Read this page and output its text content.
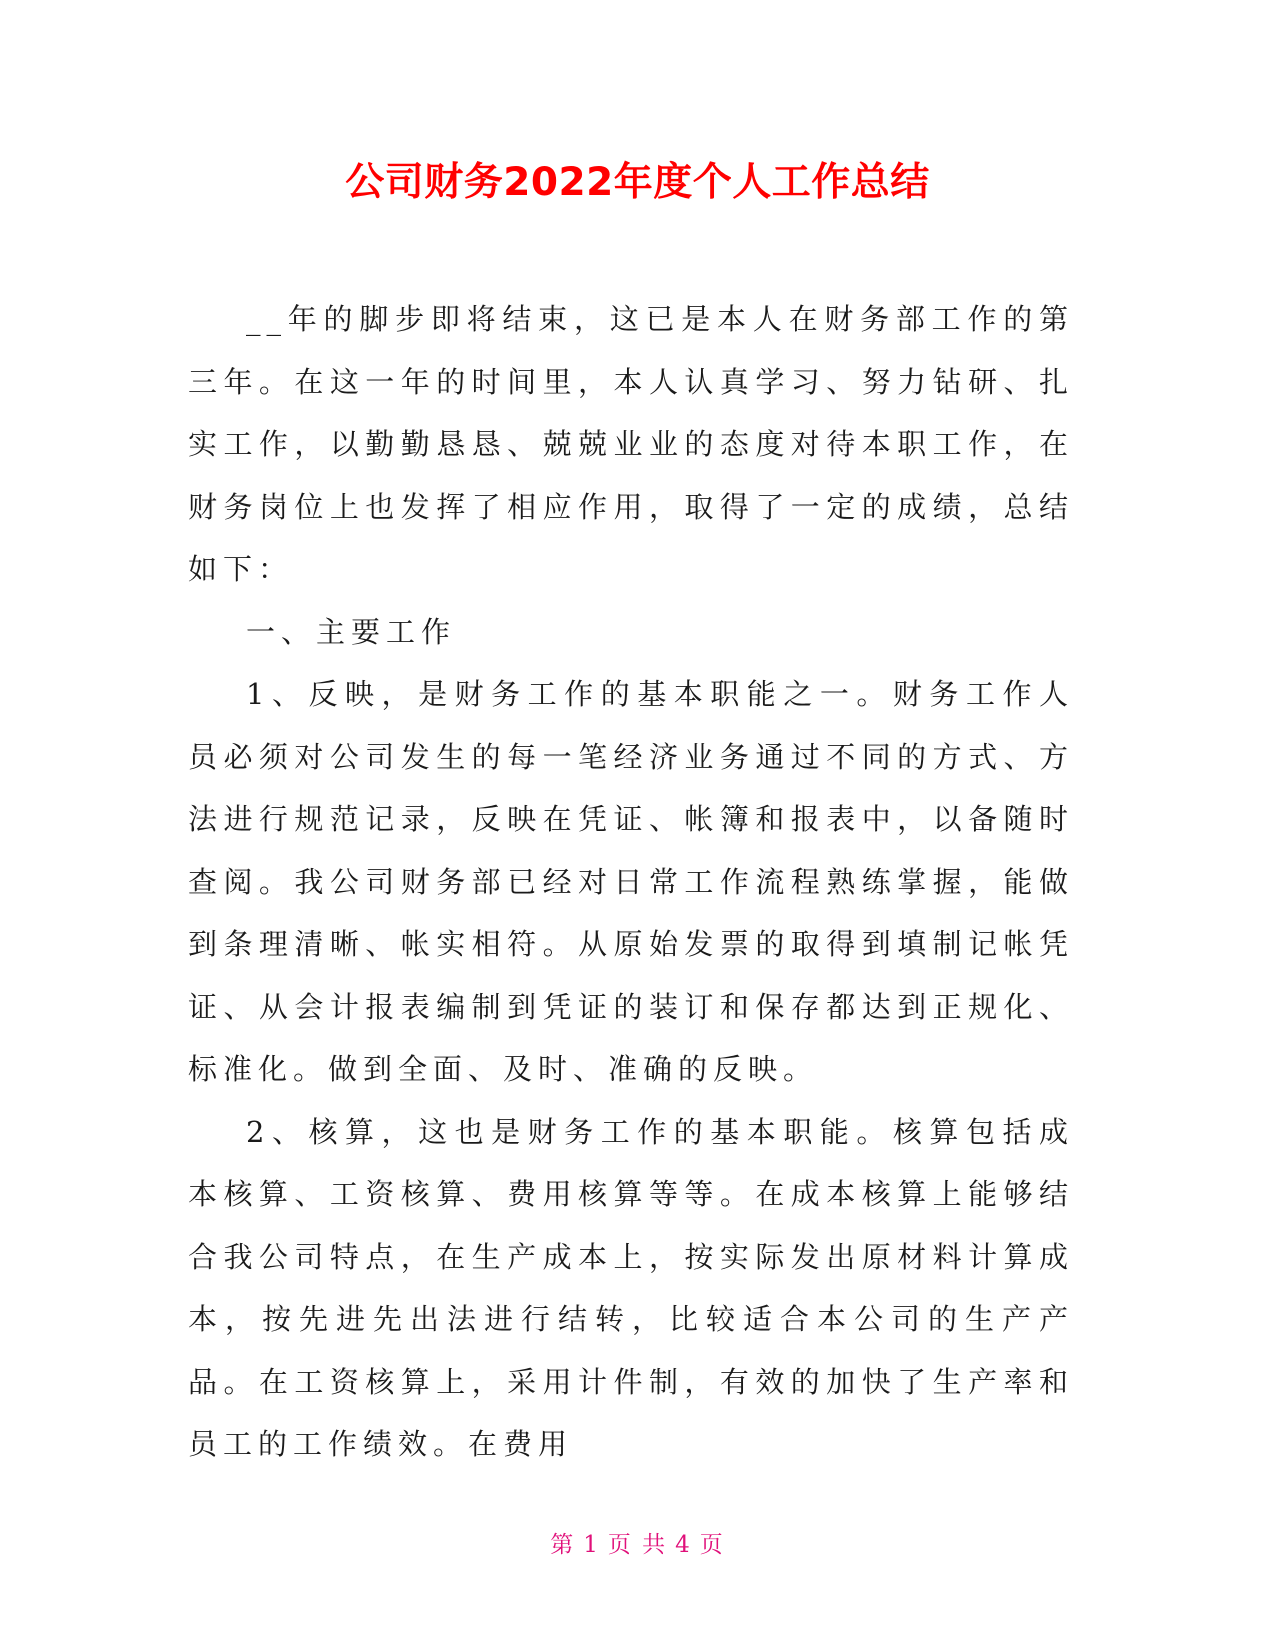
公司财务2022年度个人工作总结

__年的脚步即将结束，这已是本人在财务部工作的第三年。在这一年的时间里，本人认真学习、努力钻研、扎实工作，以勤勤恳恳、兢兢业业的态度对待本职工作，在财务岗位上也发挥了相应作用，取得了一定的成绩，总结如下：

一、主要工作

1、反映，是财务工作的基本职能之一。财务工作人员必须对公司发生的每一笔经济业务通过不同的方式、方法进行规范记录，反映在凭证、帐簿和报表中，以备随时查阅。我公司财务部已经对日常工作流程熟练掌握，能做到条理清晰、帐实相符。从原始发票的取得到填制记帐凭证、从会计报表编制到凭证的装订和保存都达到正规化、标准化。做到全面、及时、准确的反映。

2、核算，这也是财务工作的基本职能。核算包括成本核算、工资核算、费用核算等等。在成本核算上能够结合我公司特点，在生产成本上，按实际发出原材料计算成本，按先进先出法进行结转，比较适合本公司的生产产品。在工资核算上，采用计件制，有效的加快了生产率和员工的工作绩效。在费用

第 1 页 共 4 页
